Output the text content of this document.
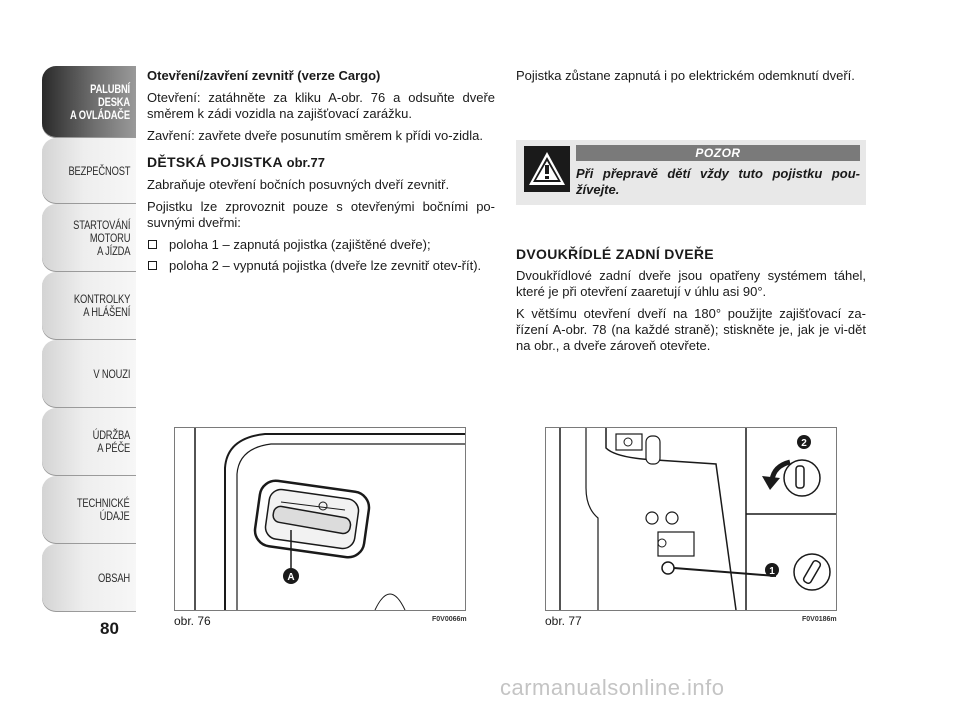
PALUBNÍ DESKA
A OVLÁDAČE
BEZPEČNOST
STARTOVÁNÍ
MOTORU
A JÍZDA
KONTROLKY
A HLÁŠENÍ
V NOUZI
ÚDRŽBA
A PÉČE
TECHNICKÉ
ÚDAJE
OBSAH
80
Otevření/zavření zevnitř (verze Cargo)

Otevření: zatáhněte za kliku A-obr. 76 a odsuňte dveře směrem k zádi vozidla na zajišťovací zarážku.

Zavření: zavřete dveře posunutím směrem k přídi vo-zidla.

DĚTSKÁ POJISTKA obr.77

Zabraňuje otevření bočních posuvných dveří zevnitř.

Pojistku lze zprovoznit pouze s otevřenými bočními po-suvnými dveřmi:

poloha 1 – zapnutá pojistka (zajištěné dveře);
poloha 2 – vypnutá pojistka (dveře lze zevnitř otev-řít).

Pojistka zůstane zapnutá i po elektrickém odemknutí dveří.

POZOR
Při přepravě dětí vždy tuto pojistku pou-žívejte.
DVOUKŘÍDLÉ ZADNÍ DVEŘE

Dvoukřídlové zadní dveře jsou opatřeny systémem táhel, které je při otevření zaaretují v úhlu asi 90°.

K většímu otevření dveří na 180° použijte zajišťovací za-řízení A-obr. 78 (na každé straně); stiskněte je, jak je vi-dět na obr., a dveře zároveň otevřete.

A
obr. 76	F0V0066m
2
1
obr. 77	F0V0186m
carmanualsonline.info
